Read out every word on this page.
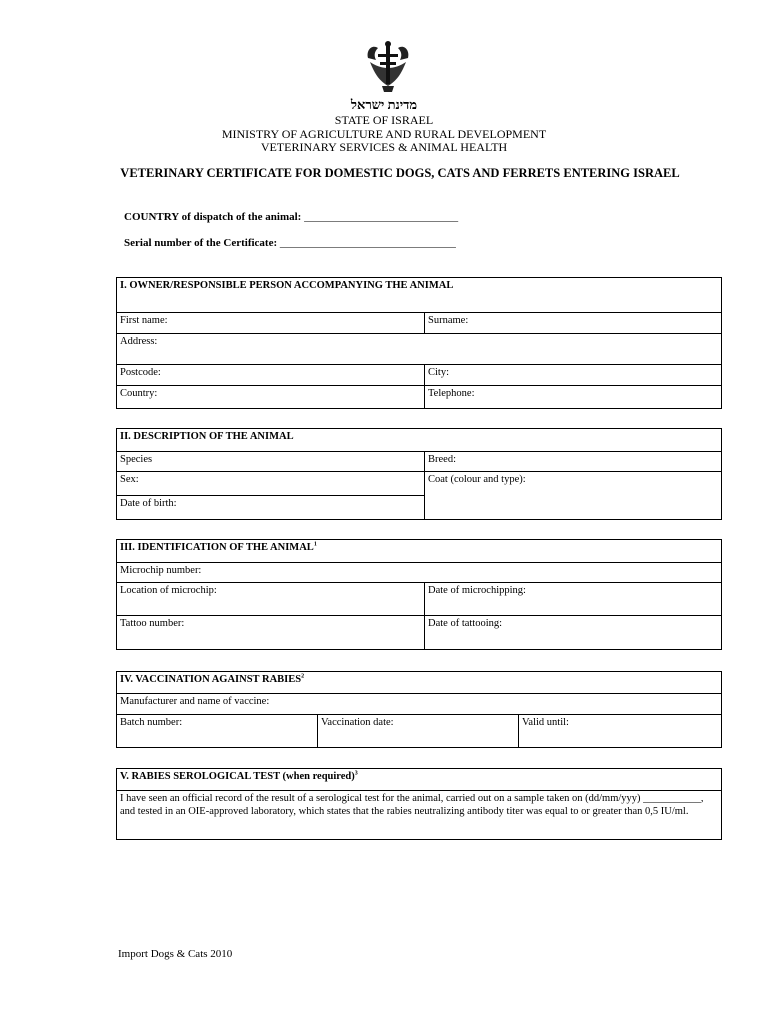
מדינת ישראל
STATE OF ISRAEL
MINISTRY OF AGRICULTURE AND RURAL DEVELOPMENT
VETERINARY SERVICES & ANIMAL HEALTH
VETERINARY CERTIFICATE FOR DOMESTIC DOGS, CATS AND FERRETS ENTERING ISRAEL
COUNTRY of dispatch of the animal: ____________________________
Serial number of the Certificate: ________________________________
I. OWNER/RESPONSIBLE PERSON ACCOMPANYING THE ANIMAL	
First name:	Surname:
Address:	
Postcode:	City:
Country:	Telephone:
II. DESCRIPTION OF THE ANIMAL	
Species	Breed:
Sex:	Coat (colour and type):
Date of birth:	
III. IDENTIFICATION OF THE ANIMAL$^1$
Microchip number:	
Location of microchip:	Date of microchipping:
Tattoo number:	Date of tattooing:
IV. VACCINATION AGAINST RABIES$^2$
Manufacturer and name of vaccine:
Batch number:	Vaccination date:	Valid until:
V. RABIES SEROLOGICAL TEST (when required)$^3$
I have seen an official record of the result of a serological test for the animal, carried out on a sample taken on (dd/mm/yyy) ___________, and tested in an OIE-approved laboratory, which states that the rabies neutralizing antibody titer was equal to or greater than 0,5 IU/ml.
Import Dogs & Cats 2010
